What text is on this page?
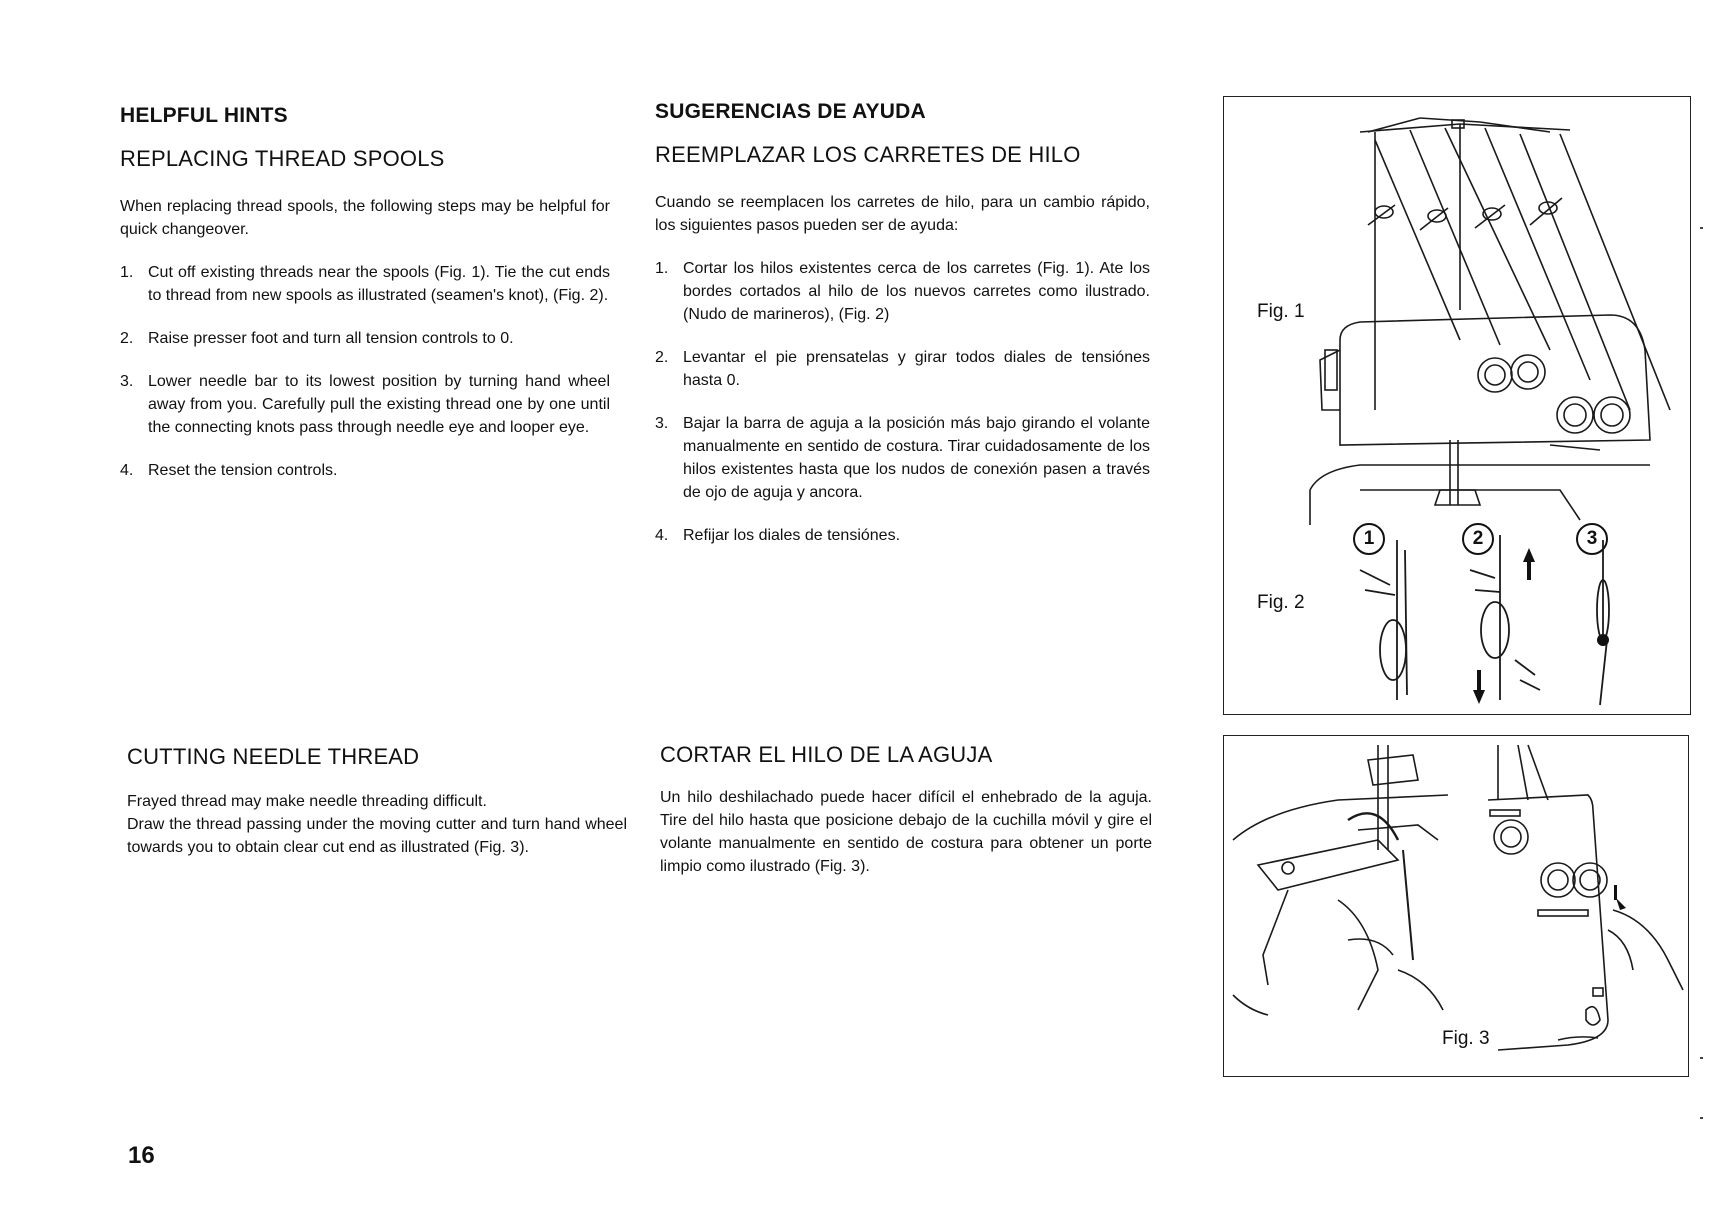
HELPFUL HINTS
REPLACING THREAD SPOOLS
When replacing thread spools, the following steps may be helpful for quick changeover.
1. Cut off existing threads near the spools (Fig. 1). Tie the cut ends to thread from new spools as illustrated (seamen's knot), (Fig. 2).
2. Raise presser foot and turn all tension controls to 0.
3. Lower needle bar to its lowest position by turning hand wheel away from you. Carefully pull the existing thread one by one until the connecting knots pass through needle eye and looper eye.
4. Reset the tension controls.
CUTTING NEEDLE THREAD
Frayed thread may make needle threading difficult.
Draw the thread passing under the moving cutter and turn hand wheel towards you to obtain clear cut end as illustrated (Fig. 3).
SUGERENCIAS DE AYUDA
REEMPLAZAR LOS CARRETES DE HILO
Cuando se reemplacen los carretes de hilo, para un cambio rápido, los siguientes pasos pueden ser de ayuda:
1. Cortar los hilos existentes cerca de los carretes (Fig. 1). Ate los bordes cortados al hilo de los nuevos carretes como ilustrado. (Nudo de marineros), (Fig. 2)
2. Levantar el pie prensatelas y girar todos diales de tensiónes hasta 0.
3. Bajar la barra de aguja a la posición más bajo girando el volante manualmente en sentido de costura. Tirar cuidadosamente de los hilos existentes hasta que los nudos de conexión pasen a través de ojo de aguja y ancora.
4. Refijar los diales de tensiónes.
CORTAR EL HILO DE LA AGUJA
Un hilo deshilachado puede hacer difícil el enhebrado de la aguja. Tire del hilo hasta que posicione debajo de la cuchilla móvil y gire el volante manualmente en sentido de costura para obtener un porte limpio como ilustrado (Fig. 3).
Fig. 1
Fig. 2
1	2	3
Fig. 3
16
